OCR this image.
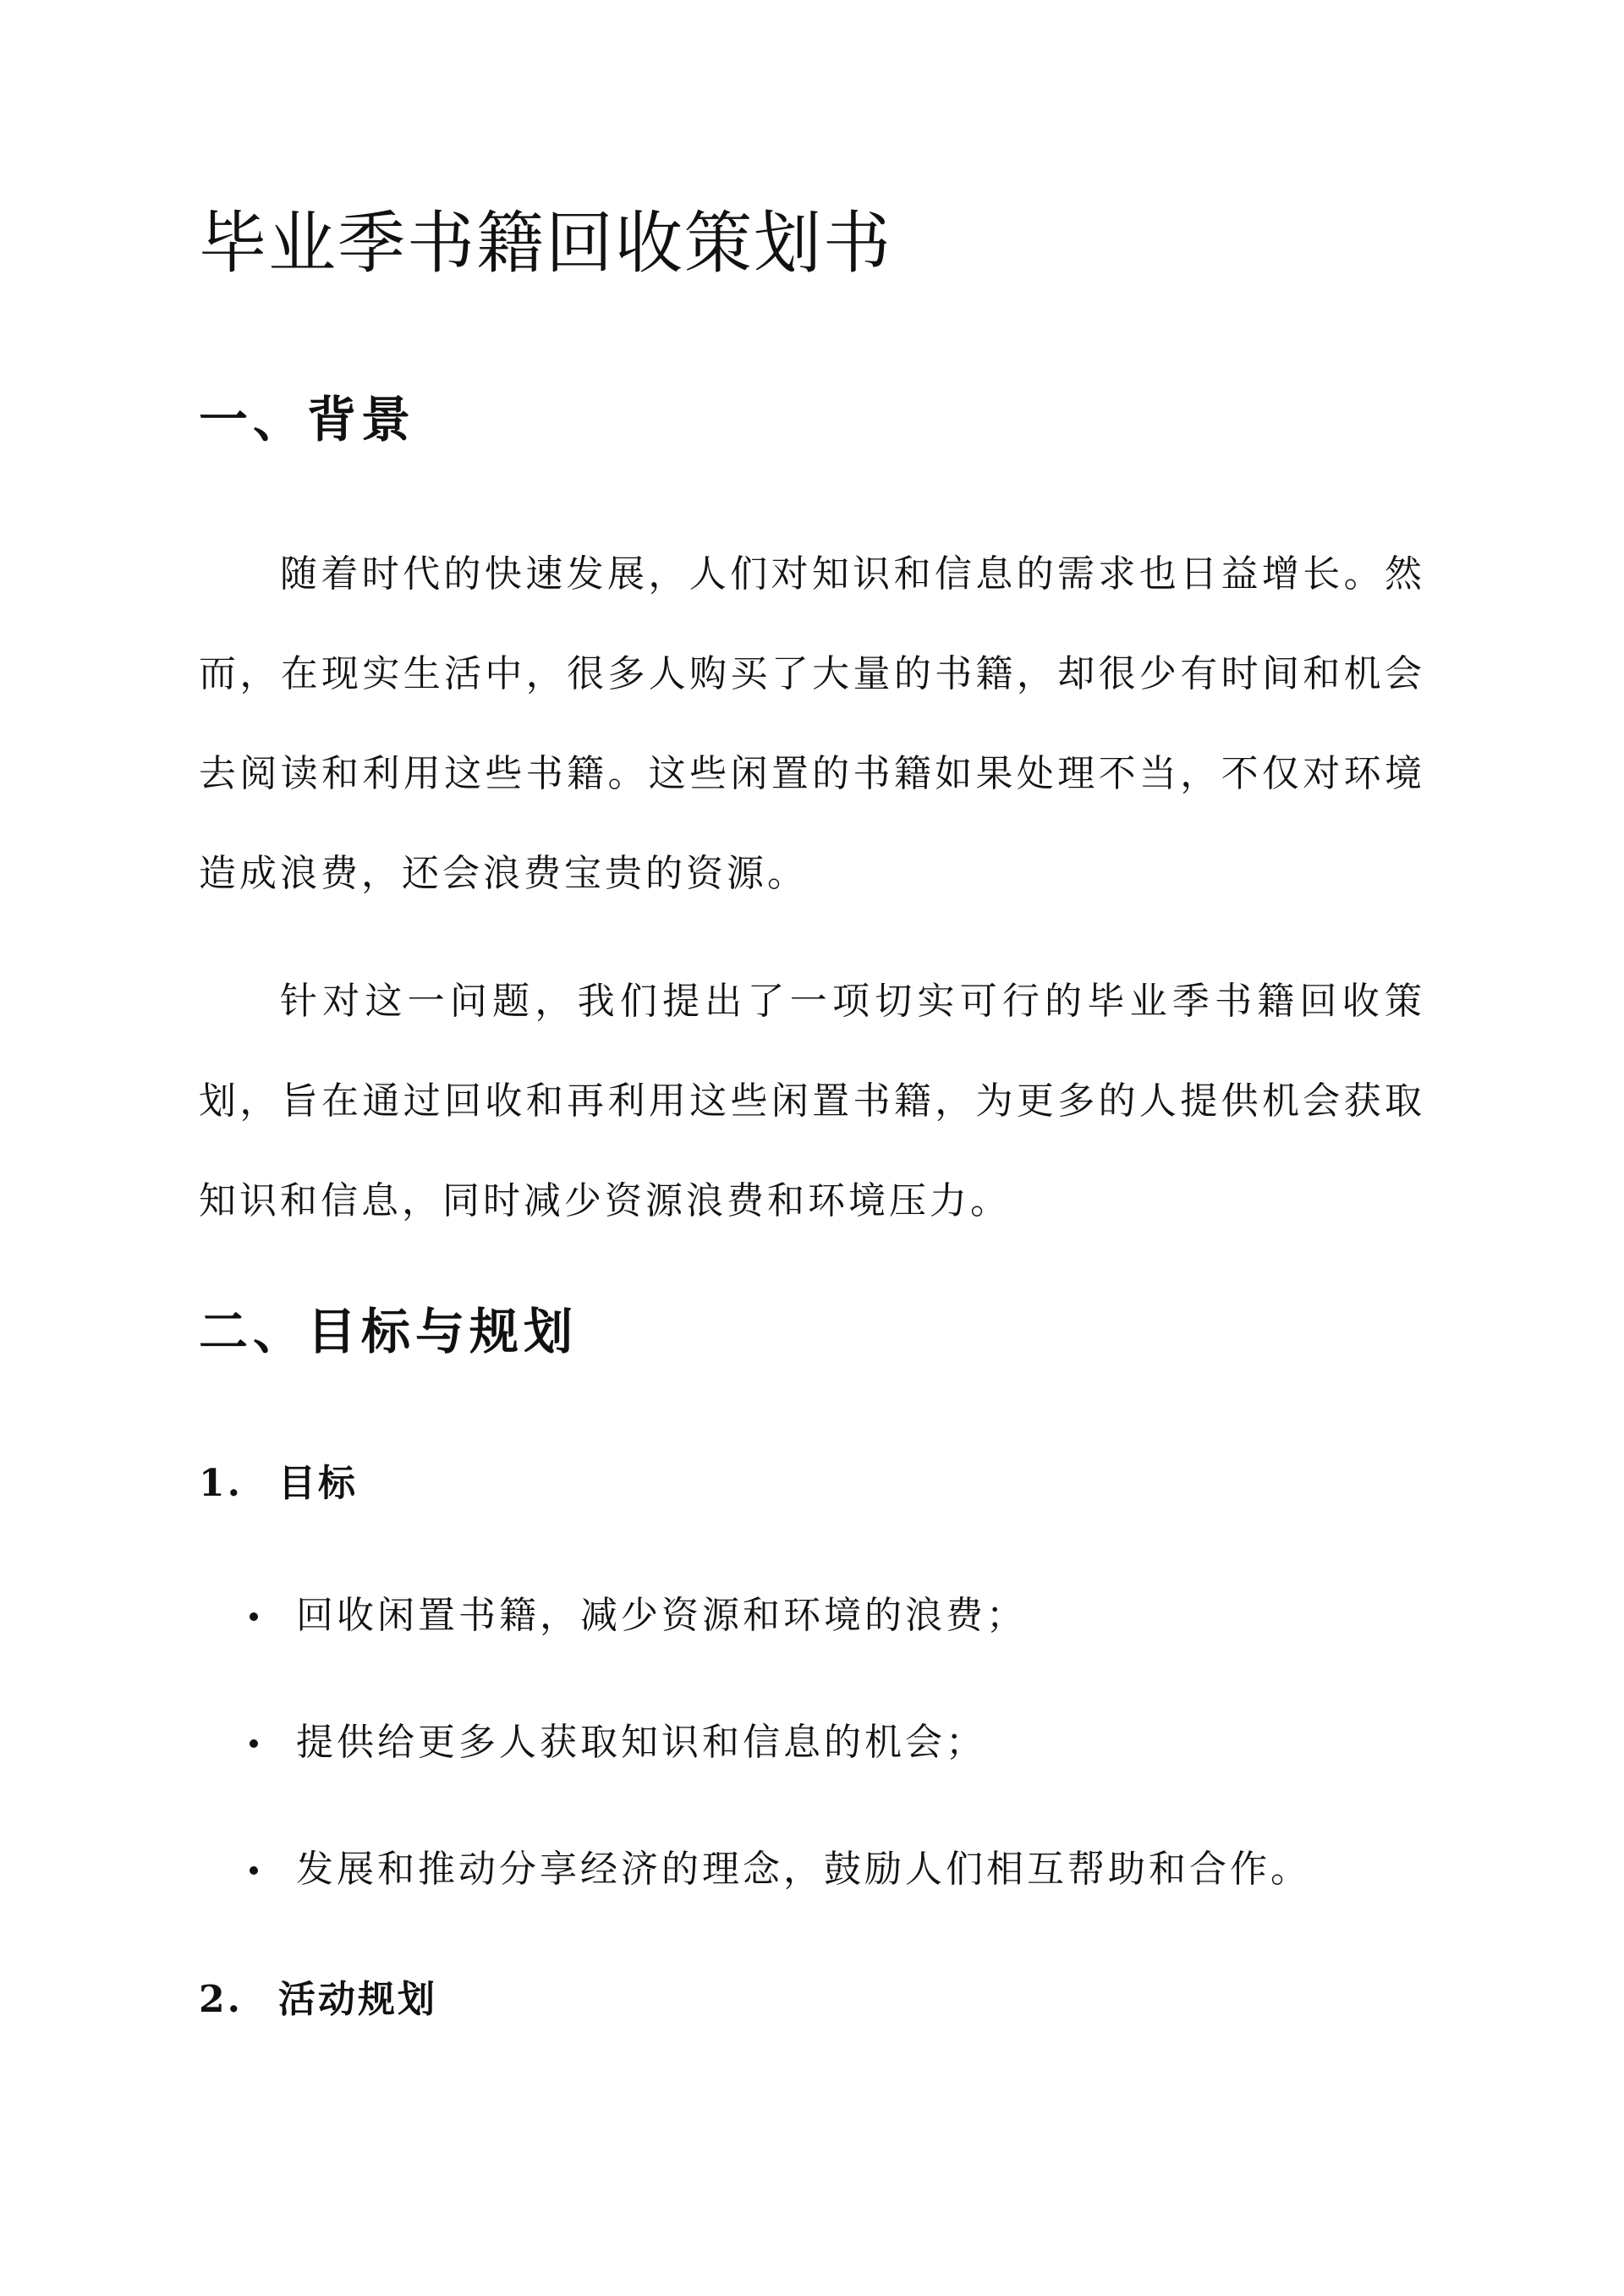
毕业季书籍回收策划书
一、背景

随着时代的快速发展，人们对知识和信息的需求也日益增长。然而，在现实生活中，很多人购买了大量的书籍，却很少有时间和机会去阅读和利用这些书籍。这些闲置的书籍如果处理不当，不仅对环境造成浪费，还会浪费宝贵的资源。

针对这一问题，我们提出了一项切实可行的毕业季书籍回收策划，旨在通过回收和再利用这些闲置书籍，为更多的人提供机会获取知识和信息，同时减少资源浪费和环境压力。

二、目标与规划
1. 目标
回收闲置书籍，减少资源和环境的浪费；
提供给更多人获取知识和信息的机会；
发展和推动分享经济的理念，鼓励人们相互帮助和合作。
2. 活动规划
